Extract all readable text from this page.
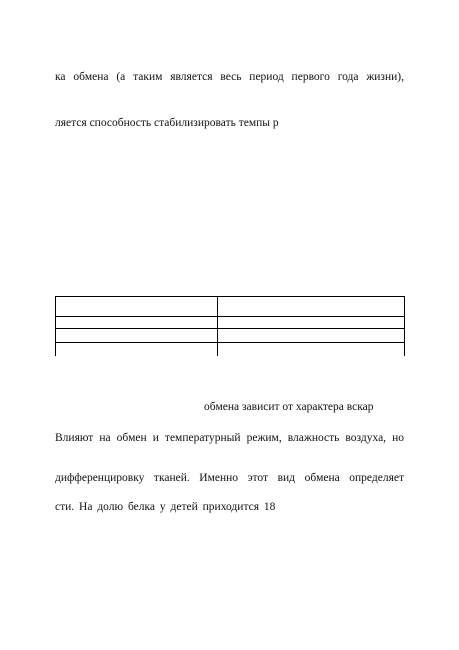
ка обмена (а таким является весь период первого года жизни),
ляется способность стабилизировать темпы р

обмена зависит от характера вскар
Влияют на обмен и температурный режим, влажность воздуха, но
дифференцировку тканей. Именно этот вид обмена определяет
сти. На долю белка у детей приходится 18
